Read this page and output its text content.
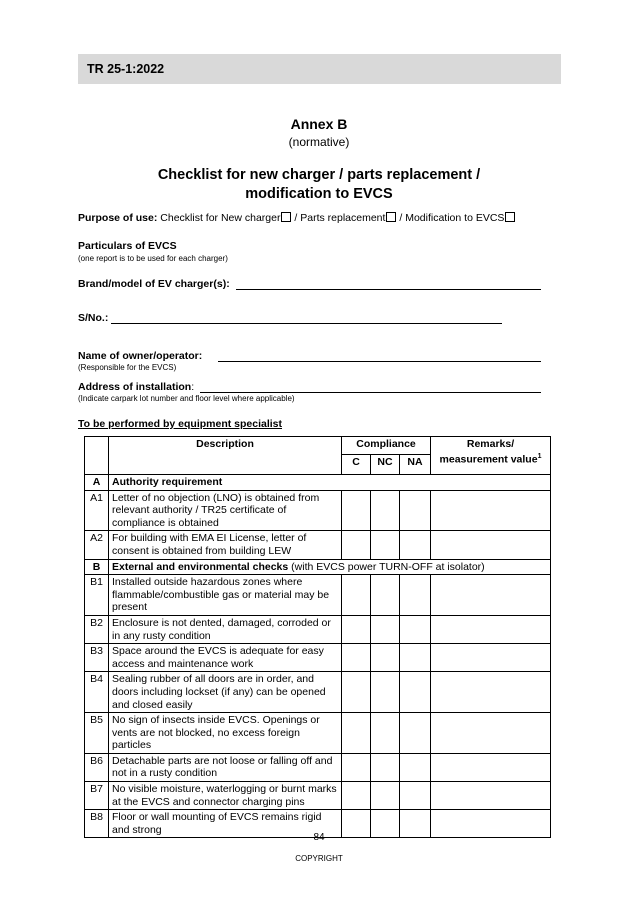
TR 25-1:2022
Annex B
(normative)
Checklist for new charger / parts replacement /
modification to EVCS
Purpose of use: Checklist for New charger / Parts replacement / Modification to EVCS
Particulars of EVCS
(one report is to be used for each charger)
Brand/model of EV charger(s):
S/No.:
Name of owner/operator:
(Responsible for the EVCS)
Address of installation:
(Indicate carpark lot number and floor level where applicable)
To be performed by equipment specialist
	Description	Compliance			Remarks/ measurement value$^1$
		C	NC	NA	
A	Authority requirement				
A1	Letter of no objection (LNO) is obtained from relevant authority / TR25 certificate of compliance is obtained				
A2	For building with EMA EI License, letter of consent is obtained from building LEW				
B	External and environmental checks (with EVCS power TURN-OFF at isolator)				
B1	Installed outside hazardous zones where flammable/combustible gas or material may be present				
B2	Enclosure is not dented, damaged, corroded or in any rusty condition				
B3	Space around the EVCS is adequate for easy access and maintenance work				
B4	Sealing rubber of all doors are in order, and doors including lockset (if any) can be opened and closed easily				
B5	No sign of insects inside EVCS. Openings or vents are not blocked, no excess foreign particles				
B6	Detachable parts are not loose or falling off and not in a rusty condition				
B7	No visible moisture, waterlogging or burnt marks at the EVCS and connector charging pins				
B8	Floor or wall mounting of EVCS remains rigid and strong				
84
COPYRIGHT
